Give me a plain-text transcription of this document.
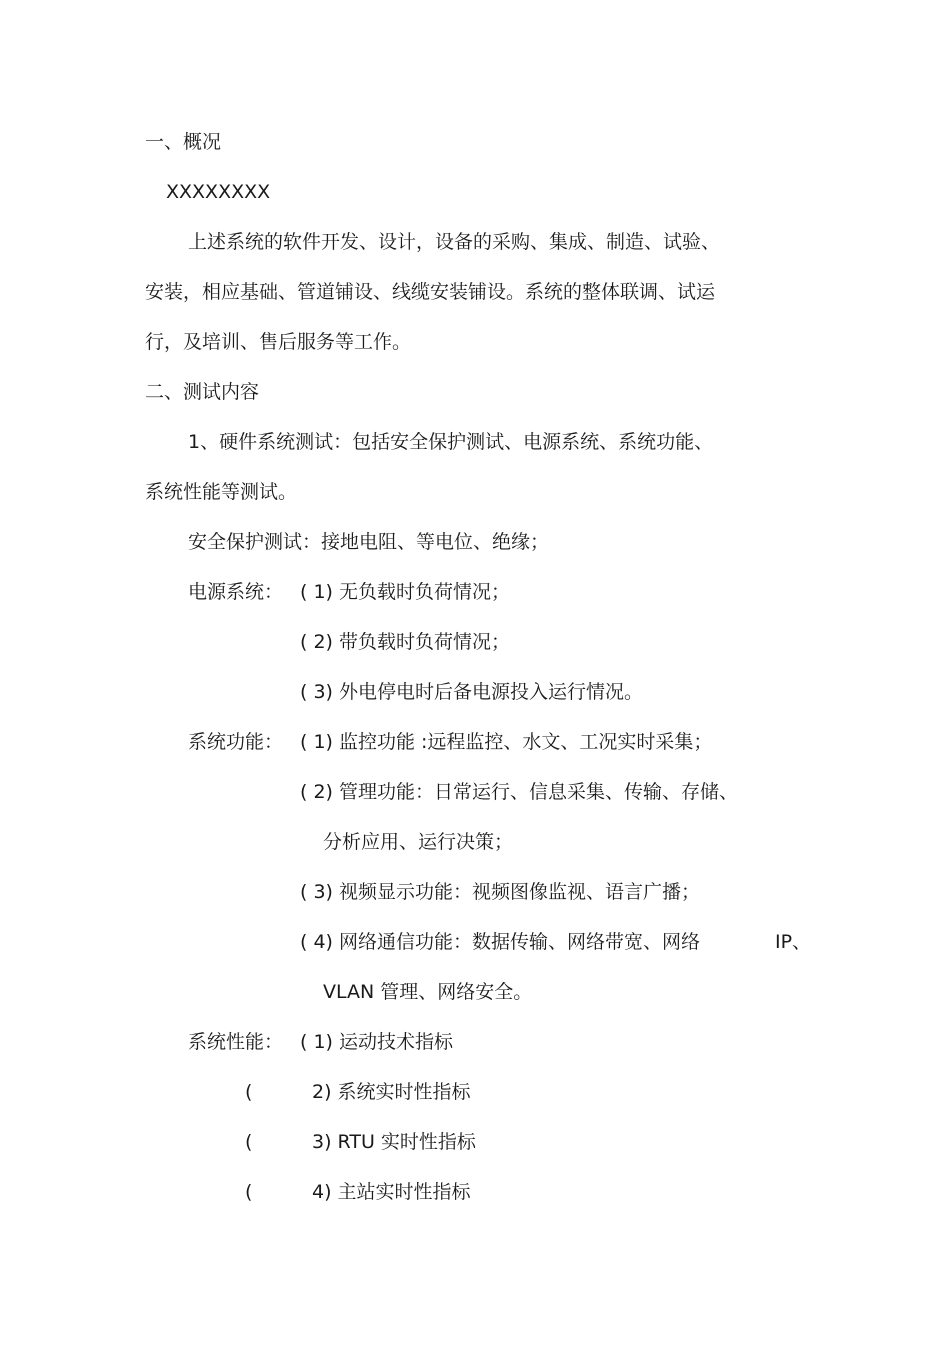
一、概况
XXXXXXXX
上述系统的软件开发、设计，设备的采购、集成、制造、试验、
安装，相应基础、管道铺设、线缆安装铺设。系统的整体联调、试运
行，及培训、售后服务等工作。
二、测试内容
1、硬件系统测试：包括安全保护测试、电源系统、系统功能、
系统性能等测试。
安全保护测试：接地电阻、等电位、绝缘；
电源系统： ( 1) 无负载时负荷情况；
( 2) 带负载时负荷情况；
( 3) 外电停电时后备电源投入运行情况。
系统功能： ( 1) 监控功能 :远程监控、水文、工况实时采集；
( 2) 管理功能：日常运行、信息采集、传输、存储、
分析应用、运行决策；
( 3) 视频显示功能：视频图像监视、语言广播；
( 4) 网络通信功能：数据传输、网络带宽、网络	IP、
VLAN 管理、网络安全。
系统性能： ( 1) 运动技术指标
(	2) 系统实时性指标
(	3) RTU 实时性指标
(	4) 主站实时性指标
